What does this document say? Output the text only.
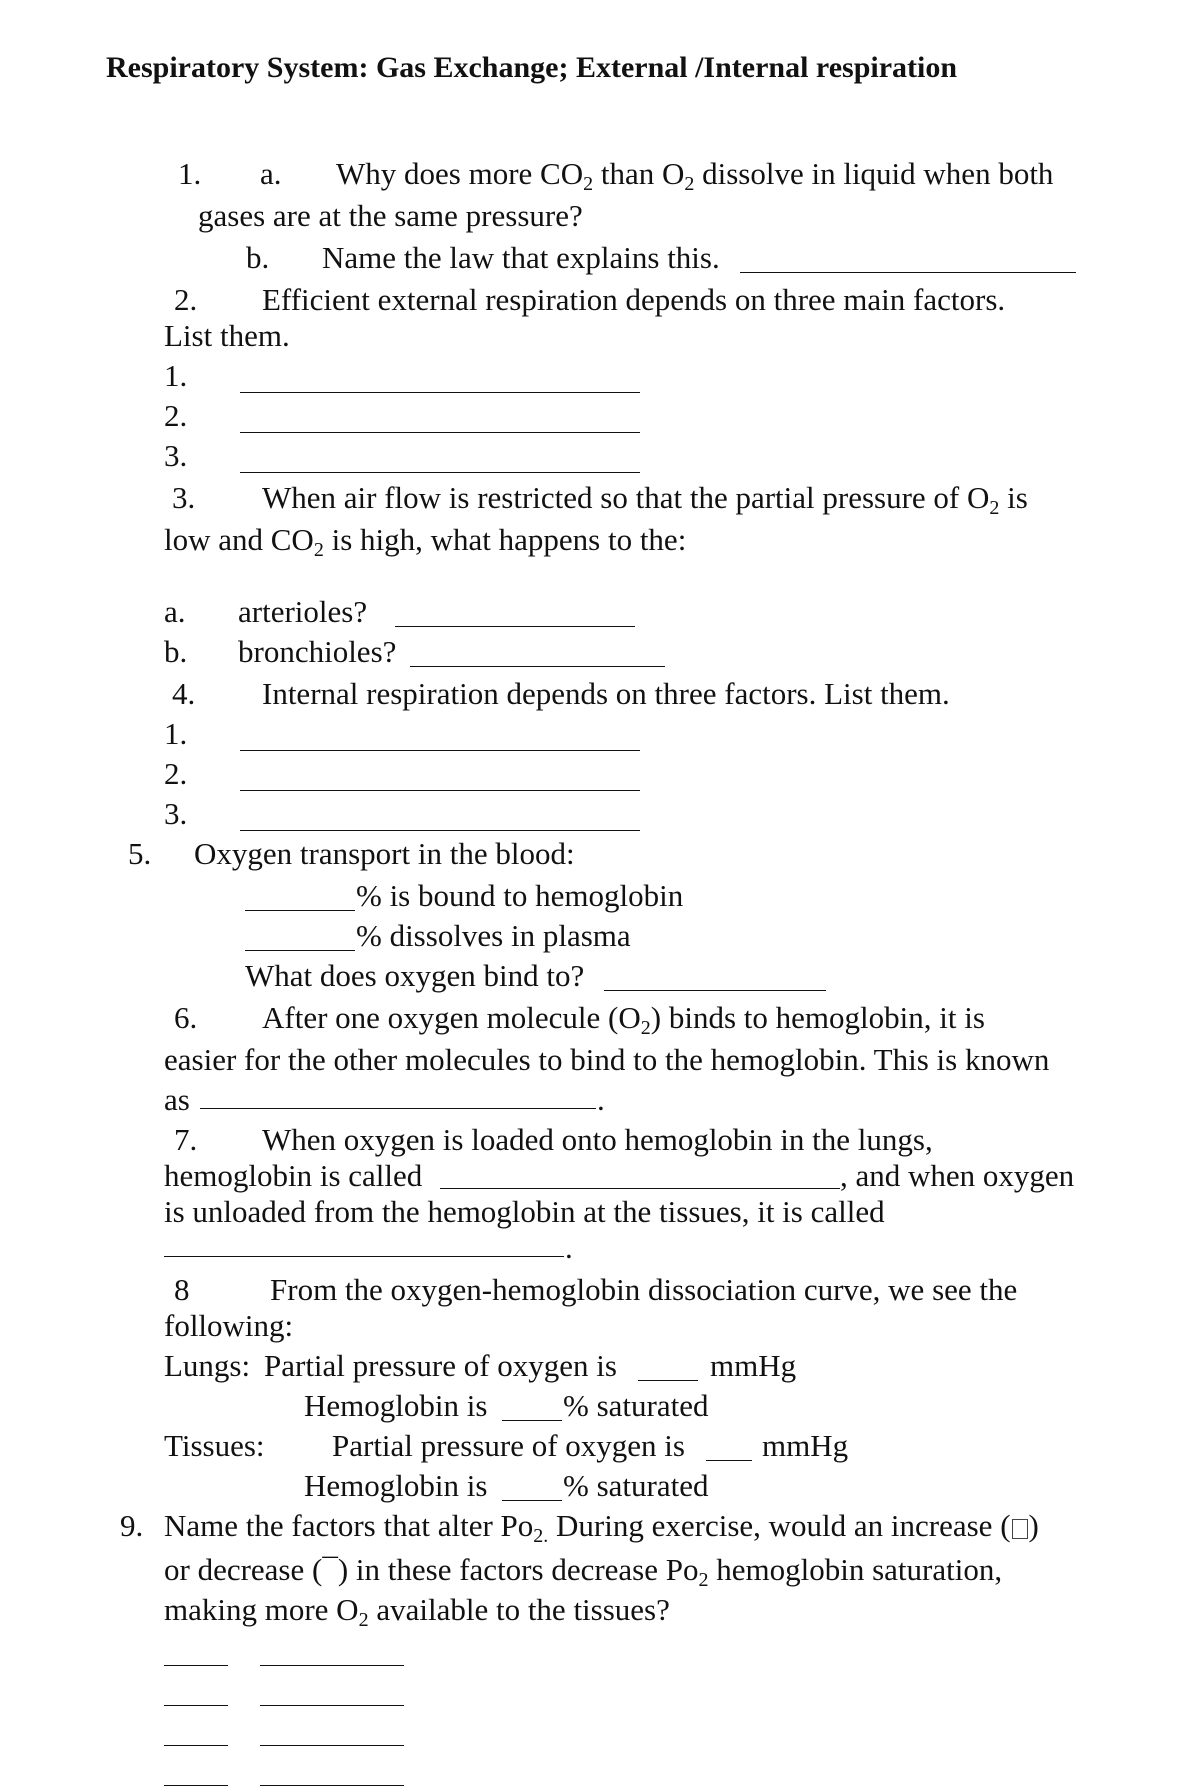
Respiratory System: Gas Exchange; External /Internal respiration
1. a. Why does more $CO_2$ than $O_2$ dissolve in liquid when both
gases are at the same pressure?
b. Name the law that explains this.
2. Efficient external respiration depends on three main factors.
List them.
1.
2.
3.
3. When air flow is restricted so that the partial pressure of $O_2$ is
low and $CO_2$ is high, what happens to the:
a. arterioles?
b. bronchioles?
4. Internal respiration depends on three factors. List them.
1.
2.
3.
5. Oxygen transport in the blood:
% is bound to hemoglobin
% dissolves in plasma
What does oxygen bind to?
6. After one oxygen molecule $(O_2)$ binds to hemoglobin, it is
easier for the other molecules to bind to the hemoglobin. This is known
as	.
7. When oxygen is loaded onto hemoglobin in the lungs,
hemoglobin is called	, and when oxygen
is unloaded from the hemoglobin at the tissues, it is called
.
8	From the oxygen-hemoglobin dissociation curve, we see the
following:
Lungs: Partial pressure of oxygen is	mmHg
Hemoglobin is % saturated
Tissues: Partial pressure of oxygen is mmHg
Hemoglobin is % saturated
9. Name the factors that alter $Po_{2.}$ During exercise, would an increase ( )
or decrease (¯) in these factors decrease $Po_2$ hemoglobin saturation,
making more $O_2$ available to the tissues?
